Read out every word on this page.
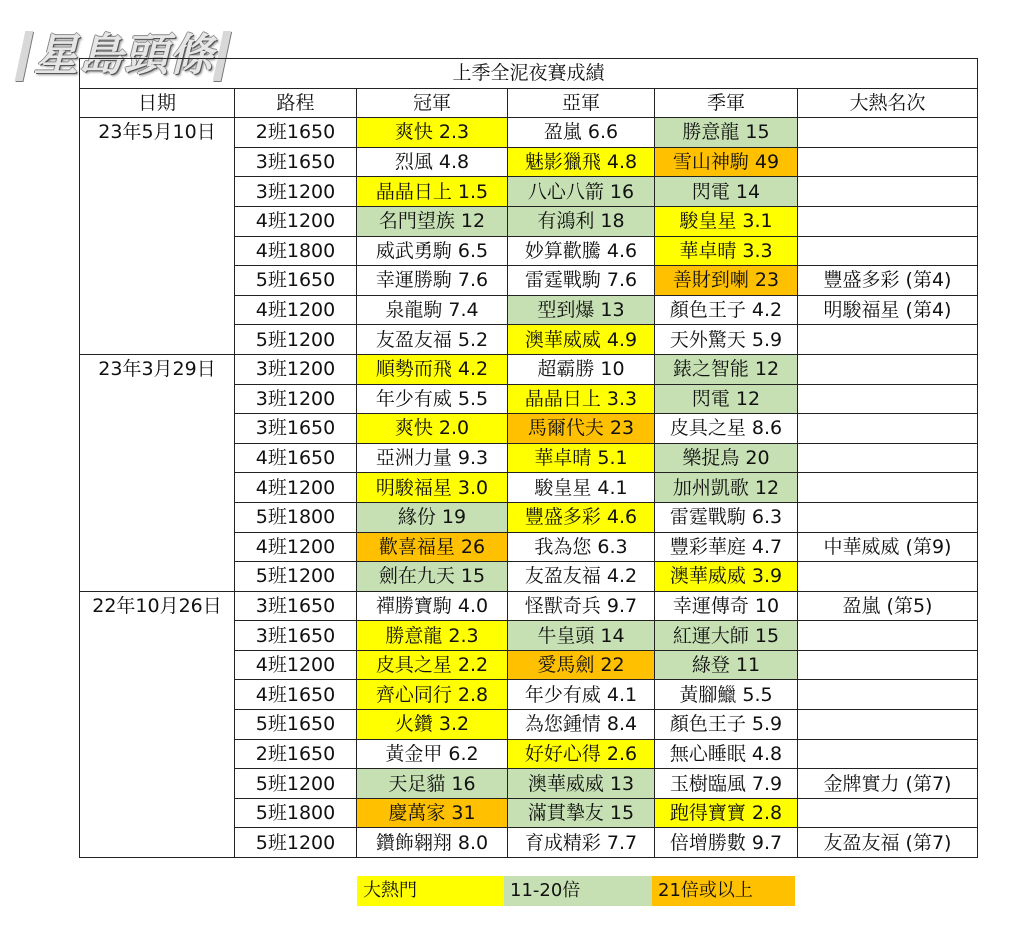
星島頭條	上季全泥夜賽成績					
日期	路程	冠軍	亞軍	季軍	大熱名次
23年5月10日	2班1650	爽快 2.3	盈嵐 6.6	勝意龍 15	
	3班1650	烈風 4.8	魅影獵飛 4.8	雪山神駒 49	
	3班1200	晶晶日上 1.5	八心八箭 16	閃電 14	
	4班1200	名門望族 12	有鴻利 18	駿皇星 3.1	
	4班1800	威武勇駒 6.5	妙算歡騰 4.6	華卓晴 3.3	
	5班1650	幸運勝駒 7.6	雷霆戰駒 7.6	善財到喇 23	豐盛多彩 (第4)
	4班1200	泉龍駒 7.4	型到爆 13	顏色王子 4.2	明駿福星 (第4)
	5班1200	友盈友福 5.2	澳華威威 4.9	天外驚天 5.9	
23年3月29日	3班1200	順勢而飛 4.2	超霸勝 10	錶之智能 12	
	3班1200	年少有威 5.5	晶晶日上 3.3	閃電 12	
	3班1650	爽快 2.0	馬爾代夫 23	皮具之星 8.6	
	4班1650	亞洲力量 9.3	華卓晴 5.1	樂捉鳥 20	
	4班1200	明駿福星 3.0	駿皇星 4.1	加州凱歌 12	
	5班1800	緣份 19	豐盛多彩 4.6	雷霆戰駒 6.3	
	4班1200	歡喜福星 26	我為您 6.3	豐彩華庭 4.7	中華威威 (第9)
	5班1200	劍在九天 15	友盈友福 4.2	澳華威威 3.9	
22年10月26日	3班1650	禪勝寶駒 4.0	怪獸奇兵 9.7	幸運傳奇 10	盈嵐 (第5)
	3班1650	勝意龍 2.3	牛皇頭 14	紅運大師 15	
	4班1200	皮具之星 2.2	愛馬劍 22	綠登 11	
	4班1650	齊心同行 2.8	年少有威 4.1	黃腳鱲 5.5	
	5班1650	火鑽 3.2	為您鍾情 8.4	顏色王子 5.9	
	2班1650	黃金甲 6.2	好好心得 2.6	無心睡眠 4.8	
	5班1200	天足貓 16	澳華威威 13	玉樹臨風 7.9	金牌實力 (第7)
	5班1800	慶萬家 31	滿貫摯友 15	跑得寶寶 2.8	
	5班1200	鑽飾翱翔 8.0	育成精彩 7.7	倍增勝數 9.7	友盈友福 (第7)
大熱門	11-20倍	21倍或以上
